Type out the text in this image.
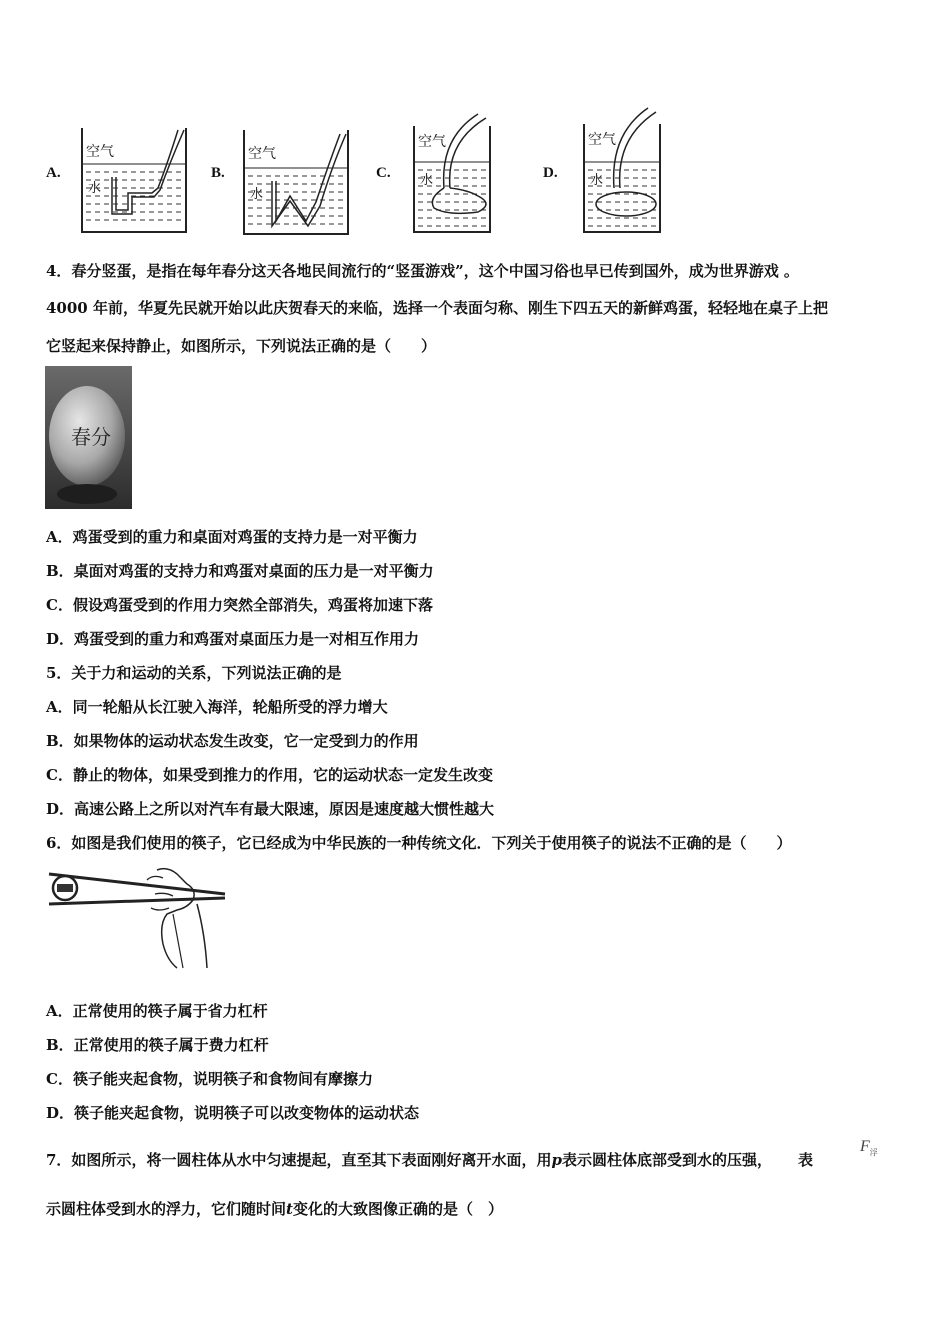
A.
空气
水
B.
空气
水
C.
空气
水	D.
空气
水
4．春分竖蛋，是指在每年春分这天各地民间流行的“竖蛋游戏”，这个中国习俗也早已传到国外，成为世界游戏 。
4000 年前，华夏先民就开始以此庆贺春天的来临，选择一个表面匀称、刚生下四五天的新鲜鸡蛋，轻轻地在桌子上把
它竖起来保持静止，如图所示，下列说法正确的是（　　）
春分
A．鸡蛋受到的重力和桌面对鸡蛋的支持力是一对平衡力
B．桌面对鸡蛋的支持力和鸡蛋对桌面的压力是一对平衡力
C．假设鸡蛋受到的作用力突然全部消失，鸡蛋将加速下落
D．鸡蛋受到的重力和鸡蛋对桌面压力是一对相互作用力
5．关于力和运动的关系，下列说法正确的是
A．同一轮船从长江驶入海洋，轮船所受的浮力增大
B．如果物体的运动状态发生改变，它一定受到力的作用
C．静止的物体，如果受到推力的作用，它的运动状态一定发生改变
D．高速公路上之所以对汽车有最大限速，原因是速度越大惯性越大
6．如图是我们使用的筷子，它已经成为中华民族的一种传统文化．下列关于使用筷子的说法不正确的是（　　）
A．正常使用的筷子属于省力杠杆
B．正常使用的筷子属于费力杠杆
C．筷子能夹起食物，说明筷子和食物间有摩擦力
D．筷子能夹起食物，说明筷子可以改变物体的运动状态
7．如图所示，将一圆柱体从水中匀速提起，直至其下表面刚好离开水面，用p表示圆柱体底部受到水的压强， 表
$F_浮$
示圆柱体受到水的浮力，它们随时间t变化的大致图像正确的是（　）
